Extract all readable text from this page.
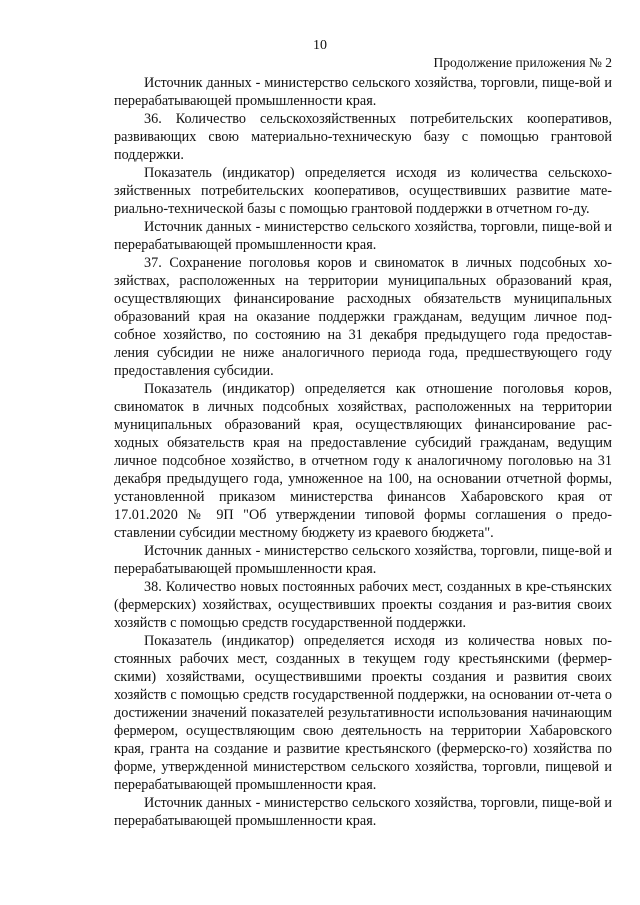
10
Продолжение приложения № 2

Источник данных - министерство сельского хозяйства, торговли, пище-вой и перерабатывающей промышленности края.

36. Количество сельскохозяйственных потребительских кооперативов, развивающих свою материально-техническую базу с помощью грантовой поддержки.

Показатель (индикатор) определяется исходя из количества сельскохо-зяйственных потребительских кооперативов, осуществивших развитие мате-риально-технической базы с помощью грантовой поддержки в отчетном го-ду.

Источник данных - министерство сельского хозяйства, торговли, пище-вой и перерабатывающей промышленности края.

37. Сохранение поголовья коров и свиноматок в личных подсобных хо-зяйствах, расположенных на территории муниципальных образований края, осуществляющих финансирование расходных обязательств муниципальных образований края на оказание поддержки гражданам, ведущим личное под-собное хозяйство, по состоянию на 31 декабря предыдущего года предостав-ления субсидии не ниже аналогичного периода года, предшествующего году предоставления субсидии.

Показатель (индикатор) определяется как отношение поголовья коров, свиноматок в личных подсобных хозяйствах, расположенных на территории муниципальных образований края, осуществляющих финансирование рас-ходных обязательств края на предоставление субсидий гражданам, ведущим личное подсобное хозяйство, в отчетном году к аналогичному поголовью на 31 декабря предыдущего года, умноженное на 100, на основании отчетной формы, установленной приказом министерства финансов Хабаровского края от 17.01.2020 № 9П "Об утверждении типовой формы соглашения о предо-ставлении субсидии местному бюджету из краевого бюджета".

Источник данных - министерство сельского хозяйства, торговли, пище-вой и перерабатывающей промышленности края.

38. Количество новых постоянных рабочих мест, созданных в кре-стьянских (фермерских) хозяйствах, осуществивших проекты создания и раз-вития своих хозяйств с помощью средств государственной поддержки.

Показатель (индикатор) определяется исходя из количества новых по-стоянных рабочих мест, созданных в текущем году крестьянскими (фермер-скими) хозяйствами, осуществившими проекты создания и развития своих хозяйств с помощью средств государственной поддержки, на основании от-чета о достижении значений показателей результативности использования начинающим фермером, осуществляющим свою деятельность на территории Хабаровского края, гранта на создание и развитие крестьянского (фермерско-го) хозяйства по форме, утвержденной министерством сельского хозяйства, торговли, пищевой и перерабатывающей промышленности края.

Источник данных - министерство сельского хозяйства, торговли, пище-вой и перерабатывающей промышленности края.
